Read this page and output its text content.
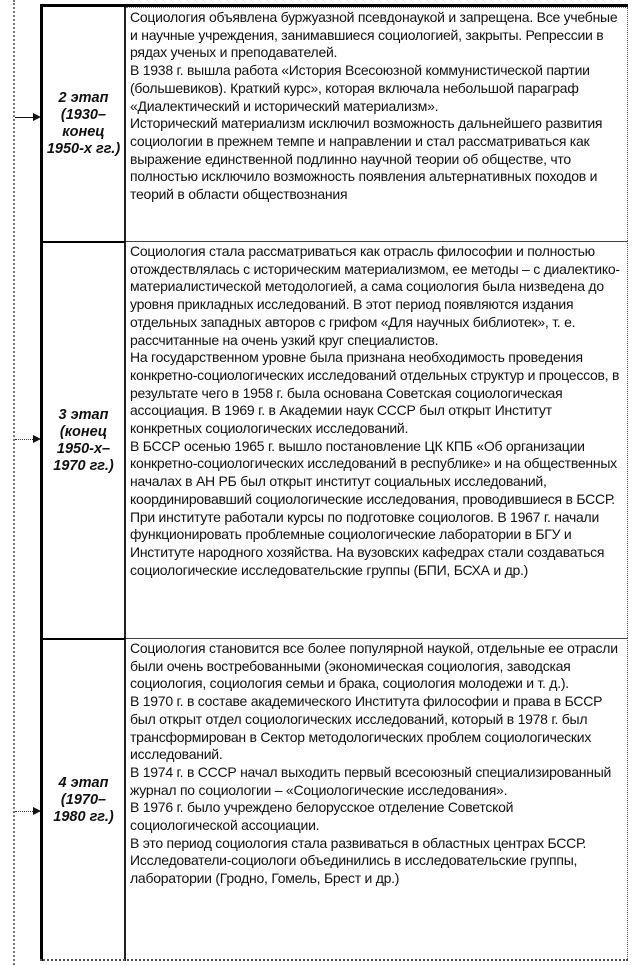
2 этап
(1930–
конец
1950-х гг.)

Социология объявлена буржуазной псевдонаукой и запрещена. Все учебные и научные учреждения, занимавшиеся социологией, закрыты. Репрессии в рядах ученых и преподавателей.

В 1938 г. вышла работа «История Всесоюзной коммунистической партии (большевиков). Краткий курс», которая включала небольшой параграф «Диалектический и исторический материализм».

Исторический материализм исключил возможность дальнейшего развития социологии в прежнем темпе и направлении и стал рассматриваться как выражение единственной подлинно научной теории об обществе, что полностью исключило возможность появления альтернативных походов и теорий в области обществознания

3 этап
(конец
1950-х–
1970 гг.)

Социология стала рассматриваться как отрасль философии и полностью отождествлялась с историческим материализмом, ее методы – с диалектико-материалистической методологией, а сама социология была низведена до уровня прикладных исследований. В этот период появляются издания отдельных западных авторов с грифом «Для научных библиотек», т. е. рассчитанные на очень узкий круг специалистов.

На государственном уровне была признана необходимость проведения конкретно-социологических исследований отдельных структур и процессов, в результате чего в 1958 г. была основана Советская социологическая ассоциация. В 1969 г. в Академии наук СССР был открыт Институт конкретных социологических исследований.

В БССР осенью 1965 г. вышло постановление ЦК КПБ «Об организации конкретно-социологических исследований в республике» и на общественных началах в АН РБ был открыт институт социальных исследований, координировавший социологические исследования, проводившиеся в БССР. При институте работали курсы по подготовке социологов. В 1967 г. начали функционировать проблемные социологические лаборатории в БГУ и Институте народного хозяйства. На вузовских кафедрах стали создаваться социологические исследовательские группы (БПИ, БСХА и др.)

4 этап
(1970–
1980 гг.)

Социология становится все более популярной наукой, отдельные ее отрасли были очень востребованными (экономическая социология, заводская социология, социология семьи и брака, социология молодежи и т. д.).

В 1970 г. в составе академического Института философии и права в БССР был открыт отдел социологических исследований, который в 1978 г. был трансформирован в Сектор методологических проблем социологических исследований.

В 1974 г. в СССР начал выходить первый всесоюзный специализированный журнал по социологии – «Социологические исследования».

В 1976 г. было учреждено белорусское отделение Советской социологической ассоциации.

В это период социология стала развиваться в областных центрах БССР. Исследователи-социологи объединились в исследовательские группы, лаборатории (Гродно, Гомель, Брест и др.)
